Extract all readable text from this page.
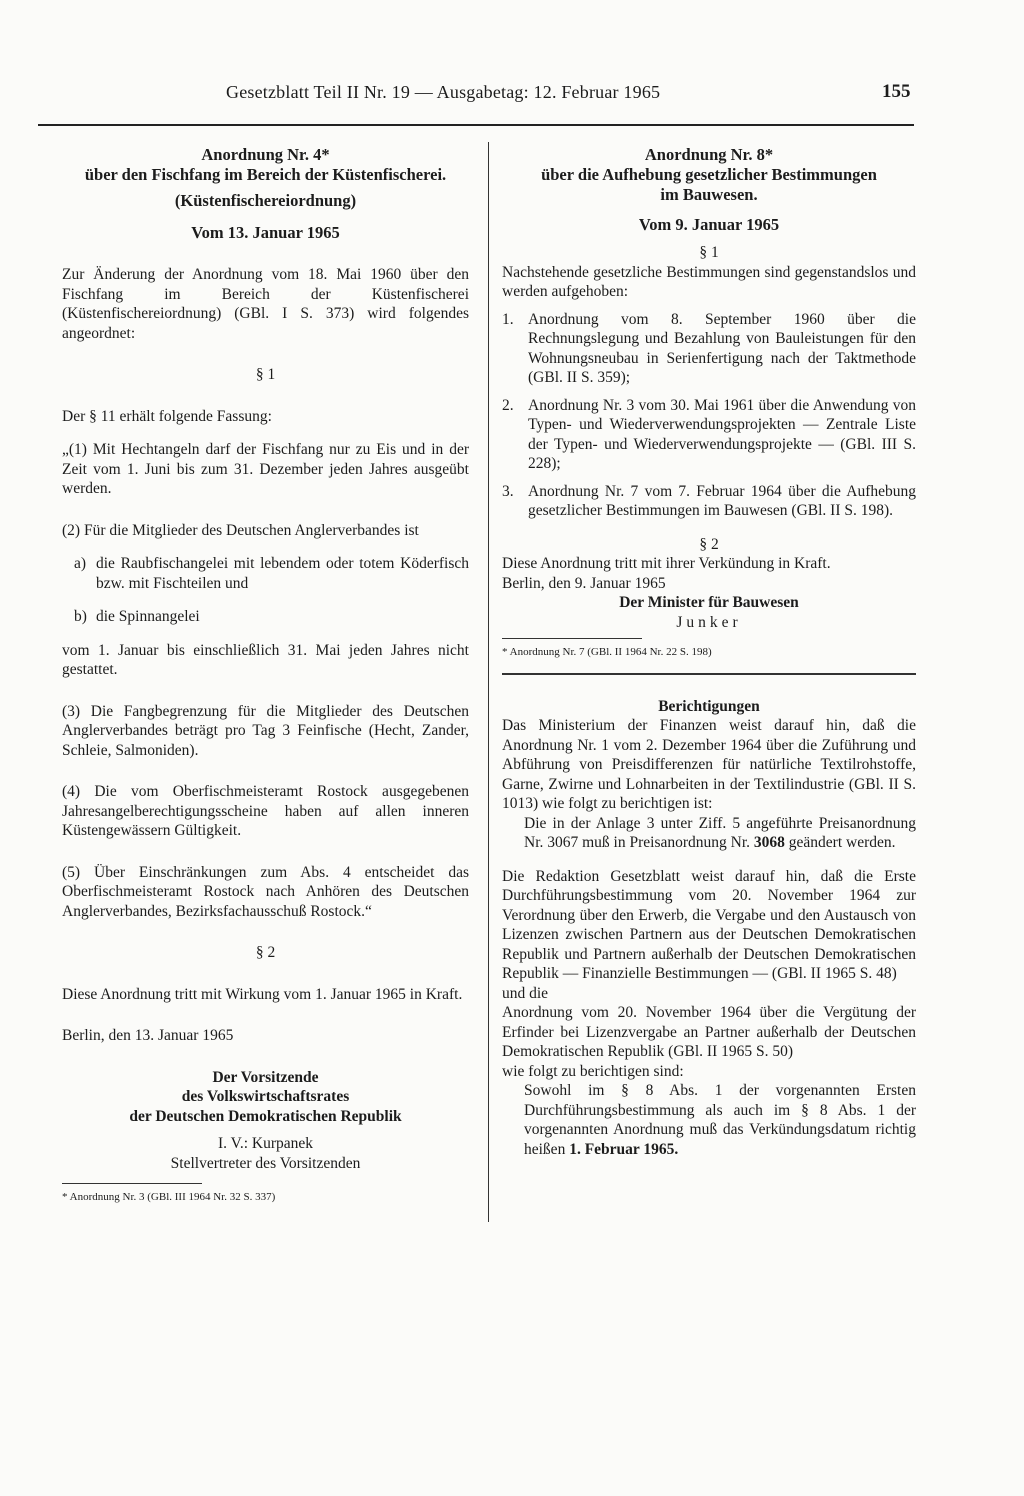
Gesetzblatt Teil II Nr. 19 — Ausgabetag: 12. Februar 1965	155
Anordnung Nr. 4*
über den Fischfang im Bereich der Küstenfischerei.
(Küstenfischereiordnung)
Vom 13. Januar 1965

Zur Änderung der Anordnung vom 18. Mai 1960 über den Fischfang im Bereich der Küstenfischerei (Küstenfischereiordnung) (GBl. I S. 373) wird folgendes angeordnet:

§ 1

Der § 11 erhält folgende Fassung:

„(1) Mit Hechtangeln darf der Fischfang nur zu Eis und in der Zeit vom 1. Juni bis zum 31. Dezember jeden Jahres ausgeübt werden.

(2) Für die Mitglieder des Deutschen Anglerverbandes ist

a) die Raubfischangelei mit lebendem oder totem Köderfisch bzw. mit Fischteilen und
b) die Spinnangelei

vom 1. Januar bis einschließlich 31. Mai jeden Jahres nicht gestattet.

(3) Die Fangbegrenzung für die Mitglieder des Deutschen Anglerverbandes beträgt pro Tag 3 Feinfische (Hecht, Zander, Schleie, Salmoniden).

(4) Die vom Oberfischmeisteramt Rostock ausgegebenen Jahresangelberechtigungsscheine haben auf allen inneren Küstengewässern Gültigkeit.

(5) Über Einschränkungen zum Abs. 4 entscheidet das Oberfischmeisteramt Rostock nach Anhören des Deutschen Anglerverbandes, Bezirksfachausschuß Rostock.“

§ 2

Diese Anordnung tritt mit Wirkung vom 1. Januar 1965 in Kraft.

Berlin, den 13. Januar 1965

Der Vorsitzende
des Volkswirtschaftsrates
der Deutschen Demokratischen Republik
I. V.: Kurpanek
Stellvertreter des Vorsitzenden

* Anordnung Nr. 3 (GBl. III 1964 Nr. 32 S. 337)

Anordnung Nr. 8*
über die Aufhebung gesetzlicher Bestimmungen
im Bauwesen.
Vom 9. Januar 1965

§ 1

Nachstehende gesetzliche Bestimmungen sind gegenstandslos und werden aufgehoben:

1. Anordnung vom 8. September 1960 über die Rechnungslegung und Bezahlung von Bauleistungen für den Wohnungsneubau in Serienfertigung nach der Taktmethode (GBl. II S. 359);
2. Anordnung Nr. 3 vom 30. Mai 1961 über die Anwendung von Typen- und Wiederverwendungsprojekten — Zentrale Liste der Typen- und Wiederverwendungsprojekte — (GBl. III S. 228);
3. Anordnung Nr. 7 vom 7. Februar 1964 über die Aufhebung gesetzlicher Bestimmungen im Bauwesen (GBl. II S. 198).

§ 2

Diese Anordnung tritt mit ihrer Verkündung in Kraft.

Berlin, den 9. Januar 1965

Der Minister für Bauwesen

Junker

* Anordnung Nr. 7 (GBl. II 1964 Nr. 22 S. 198)

Berichtigungen

Das Ministerium der Finanzen weist darauf hin, daß die Anordnung Nr. 1 vom 2. Dezember 1964 über die Zuführung und Abführung von Preisdifferenzen für natürliche Textilrohstoffe, Garne, Zwirne und Lohnarbeiten in der Textilindustrie (GBl. II S. 1013) wie folgt zu berichtigen ist:

Die in der Anlage 3 unter Ziff. 5 angeführte Preisanordnung Nr. 3067 muß in Preisanordnung Nr. 3068 geändert werden.

Die Redaktion Gesetzblatt weist darauf hin, daß die Erste Durchführungsbestimmung vom 20. November 1964 zur Verordnung über den Erwerb, die Vergabe und den Austausch von Lizenzen zwischen Partnern aus der Deutschen Demokratischen Republik und Partnern außerhalb der Deutschen Demokratischen Republik — Finanzielle Bestimmungen — (GBl. II 1965 S. 48)

und die

Anordnung vom 20. November 1964 über die Vergütung der Erfinder bei Lizenzvergabe an Partner außerhalb der Deutschen Demokratischen Republik (GBl. II 1965 S. 50)

wie folgt zu berichtigen sind:

Sowohl im § 8 Abs. 1 der vorgenannten Ersten Durchführungsbestimmung als auch im § 8 Abs. 1 der vorgenannten Anordnung muß das Verkündungsdatum richtig heißen 1. Februar 1965.
